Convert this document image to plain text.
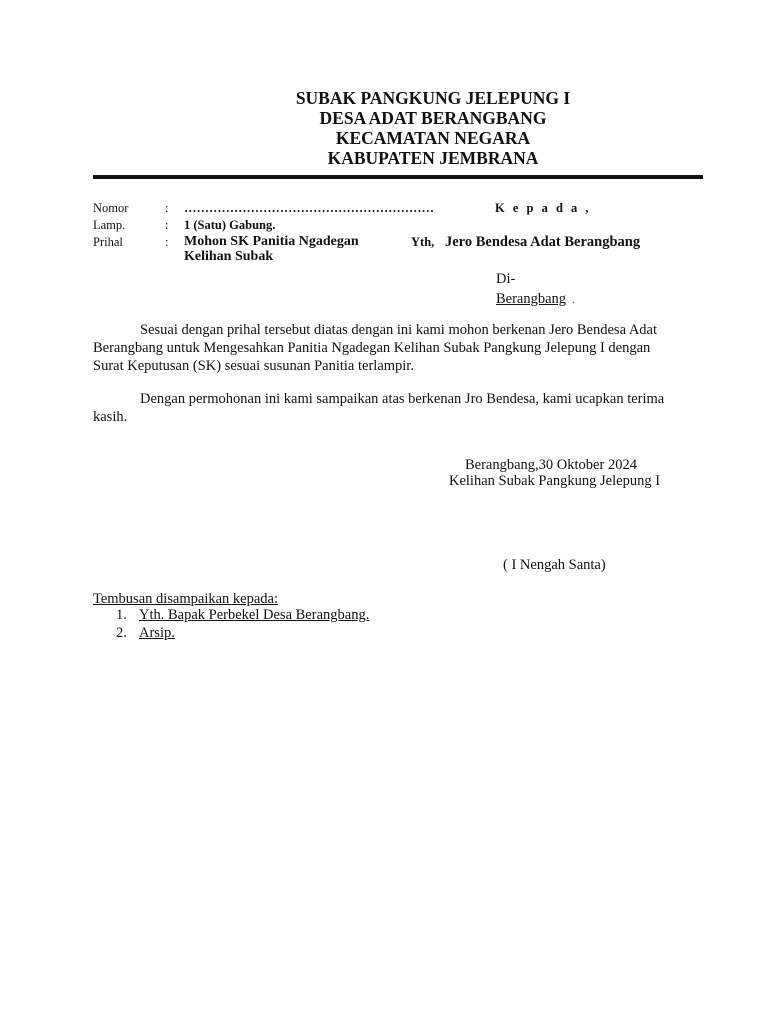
SUBAK PANGKUNG JELEPUNG I
DESA ADAT BERANGBANG
KECAMATAN NEGARA
KABUPATEN JEMBRANA
Nomor	: ……………………………………………………
Lamp.	: 1 (Satu) Gabung.
Prihal	: Mohon SK Panitia Ngadegan
Kelihan Subak
K e p a d a ,
Yth, Jero Bendesa Adat Berangbang
Di-
Berangbang .
Sesuai dengan prihal tersebut diatas dengan ini kami mohon berkenan Jero Bendesa Adat Berangbang untuk Mengesahkan Panitia Ngadegan Kelihan Subak Pangkung Jelepung I dengan Surat Keputusan (SK) sesuai susunan Panitia terlampir.
Dengan permohonan ini kami sampaikan atas berkenan Jro Bendesa, kami ucapkan terima kasih.
Berangbang,30 Oktober 2024
Kelihan Subak Pangkung Jelepung I
( I Nengah Santa)
Tembusan disampaikan kepada:
1. Yth. Bapak Perbekel Desa Berangbang.
2. Arsip.
